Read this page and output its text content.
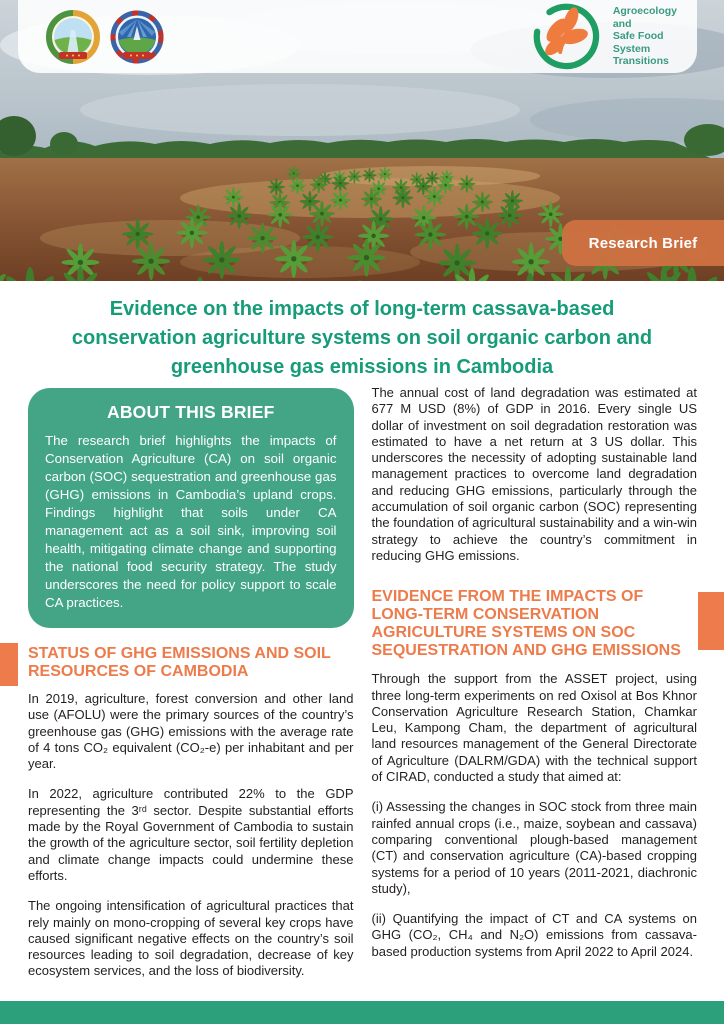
Agroecology and
Safe Food System
Transitions
Research Brief
Evidence on the impacts of long-term cassava-based
conservation agriculture systems on soil organic carbon and
greenhouse gas emissions in Cambodia
ABOUT THIS BRIEF

The research brief highlights the impacts of Conservation Agriculture (CA) on soil organic carbon (SOC) sequestration and greenhouse gas (GHG) emissions in Cambodia’s upland crops. Findings highlight that soils under CA management act as a soil sink, improving soil health, mitigating climate change and supporting the national food security strategy. The study underscores the need for policy support to scale CA practices.

STATUS OF GHG EMISSIONS AND SOIL RESOURCES OF CAMBODIA

In 2019, agriculture, forest conversion and other land use (AFOLU) were the primary sources of the country’s greenhouse gas (GHG) emissions with the average rate of 4 tons CO₂ equivalent (CO₂-e) per inhabitant and per year.

In 2022, agriculture contributed 22% to the GDP representing the 3ʳᵈ sector. Despite substantial efforts made by the Royal Government of Cambodia to sustain the growth of the agriculture sector, soil fertility depletion and climate change impacts could undermine these efforts.

The ongoing intensification of agricultural practices that rely mainly on mono-cropping of several key crops have caused significant negative effects on the country’s soil resources leading to soil degradation, decrease of key ecosystem services, and the loss of biodiversity.

The annual cost of land degradation was estimated at 677 M USD (8%) of GDP in 2016. Every single US dollar of investment on soil degradation restoration was estimated to have a net return at 3 US dollar. This underscores the necessity of adopting sustainable land management practices to overcome land degradation and reducing GHG emissions, particularly through the accumulation of soil organic carbon (SOC) representing the foundation of agricultural sustainability and a win-win strategy to achieve the country’s commitment in reducing GHG emissions.

EVIDENCE FROM THE IMPACTS OF LONG-TERM CONSERVATION AGRICULTURE SYSTEMS ON SOC SEQUESTRATION AND GHG EMISSIONS

Through the support from the ASSET project, using three long-term experiments on red Oxisol at Bos Khnor Conservation Agriculture Research Station, Chamkar Leu, Kampong Cham, the department of agricultural land resources management of the General Directorate of Agriculture (DALRM/GDA) with the technical support of CIRAD, conducted a study that aimed at:

(i) Assessing the changes in SOC stock from three main rainfed annual crops (i.e., maize, soybean and cassava) comparing conventional plough-based management (CT) and conservation agriculture (CA)-based cropping systems for a period of 10 years (2011-2021, diachronic study),

(ii) Quantifying the impact of CT and CA systems on GHG (CO₂, CH₄ and N₂O) emissions from cassava-based production systems from April 2022 to April 2024.
